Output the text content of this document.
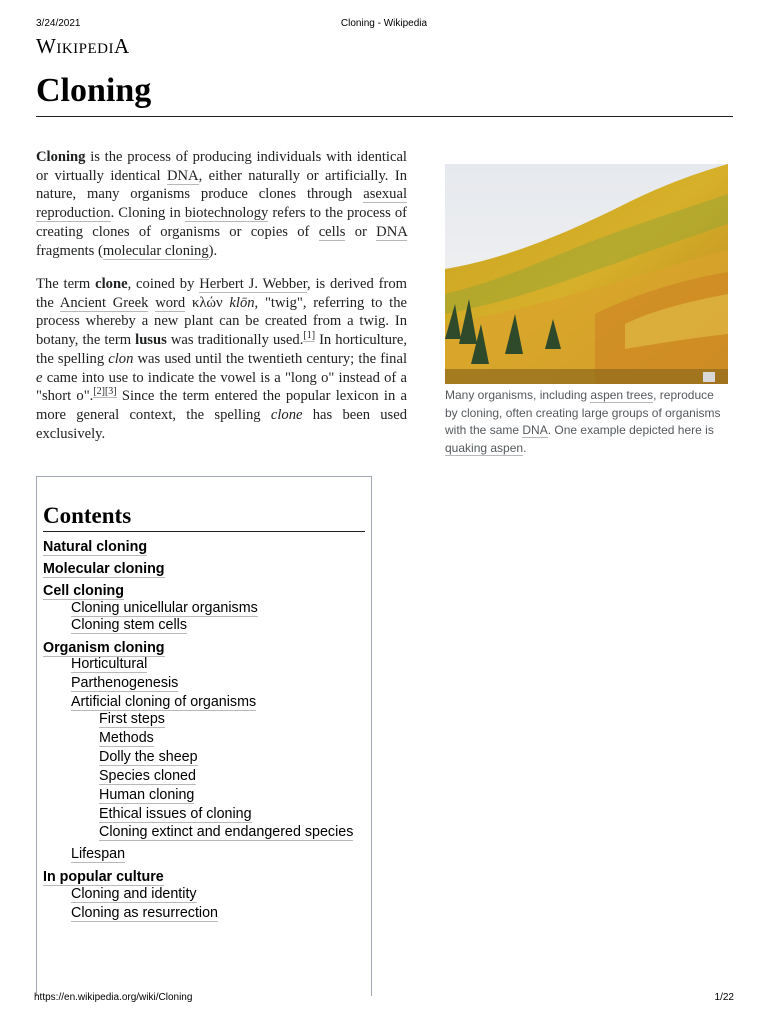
3/24/2021	Cloning - Wikipedia
WIKIPEDIA
Cloning
Cloning is the process of producing individuals with identical or virtually identical DNA, either naturally or artificially. In nature, many organisms produce clones through asexual reproduction. Cloning in biotechnology refers to the process of creating clones of organisms or copies of cells or DNA fragments (molecular cloning).
The term clone, coined by Herbert J. Webber, is derived from the Ancient Greek word κλών klōn, "twig", referring to the process whereby a new plant can be created from a twig. In botany, the term lusus was traditionally used.[1] In horticulture, the spelling clon was used until the twentieth century; the final e came into use to indicate the vowel is a "long o" instead of a "short o".[2][3] Since the term entered the popular lexicon in a more general context, the spelling clone has been used exclusively.
Many organisms, including aspen trees, reproduce by cloning, often creating large groups of organisms with the same DNA. One example depicted here is quaking aspen.
Contents
Natural cloning
Molecular cloning
Cell cloning
Cloning unicellular organisms
Cloning stem cells
Organism cloning
Horticultural
Parthenogenesis
Artificial cloning of organisms
First steps
Methods
Dolly the sheep
Species cloned
Human cloning
Ethical issues of cloning
Cloning extinct and endangered species
Lifespan
In popular culture
Cloning and identity
Cloning as resurrection
https://en.wikipedia.org/wiki/Cloning	1/22
